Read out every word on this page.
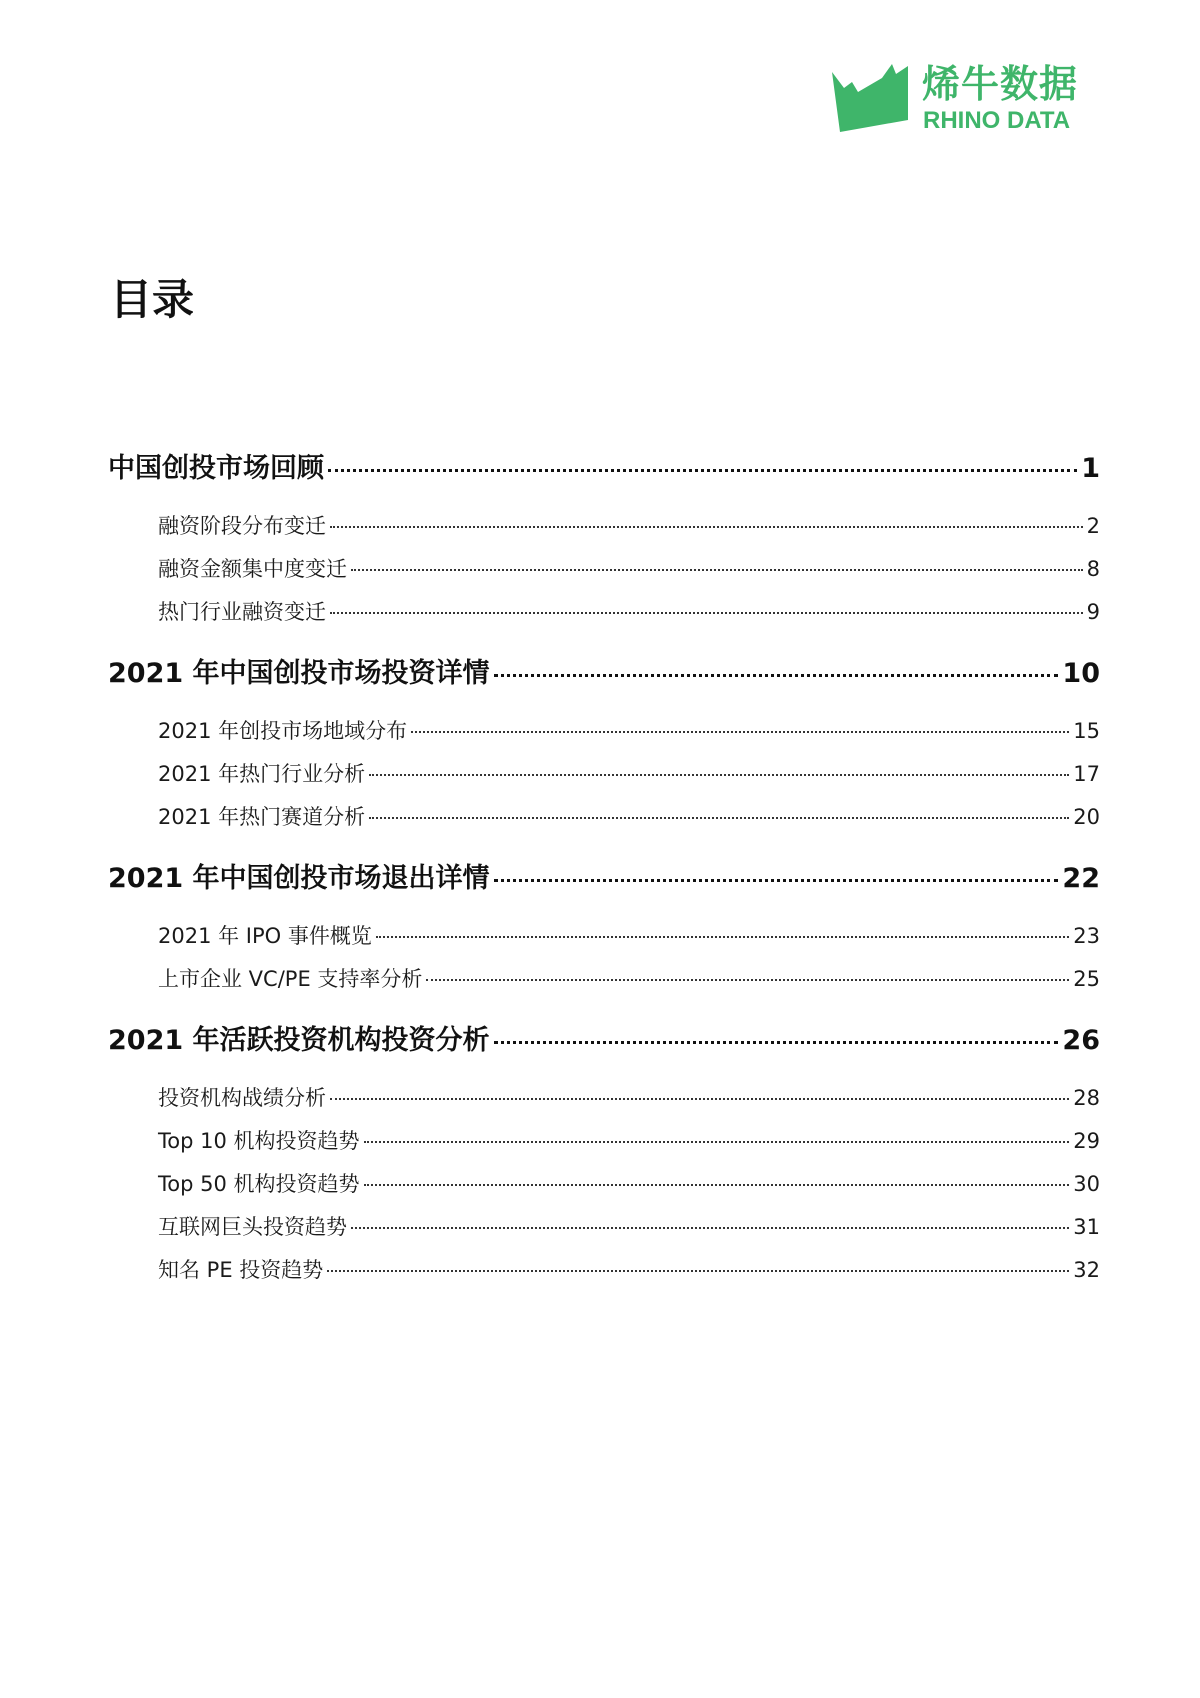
烯牛数据
RHINO DATA
目录
中国创投市场回顾	1
融资阶段分布变迁	2
融资金额集中度变迁	8
热门行业融资变迁	9
2021 年中国创投市场投资详情	10
2021 年创投市场地域分布	15
2021 年热门行业分析	17
2021 年热门赛道分析	20
2021 年中国创投市场退出详情	22
2021 年 IPO 事件概览	23
上市企业 VC/PE 支持率分析	25
2021 年活跃投资机构投资分析	26
投资机构战绩分析	28
Top 10 机构投资趋势	29
Top 50 机构投资趋势	30
互联网巨头投资趋势	31
知名 PE 投资趋势	32
